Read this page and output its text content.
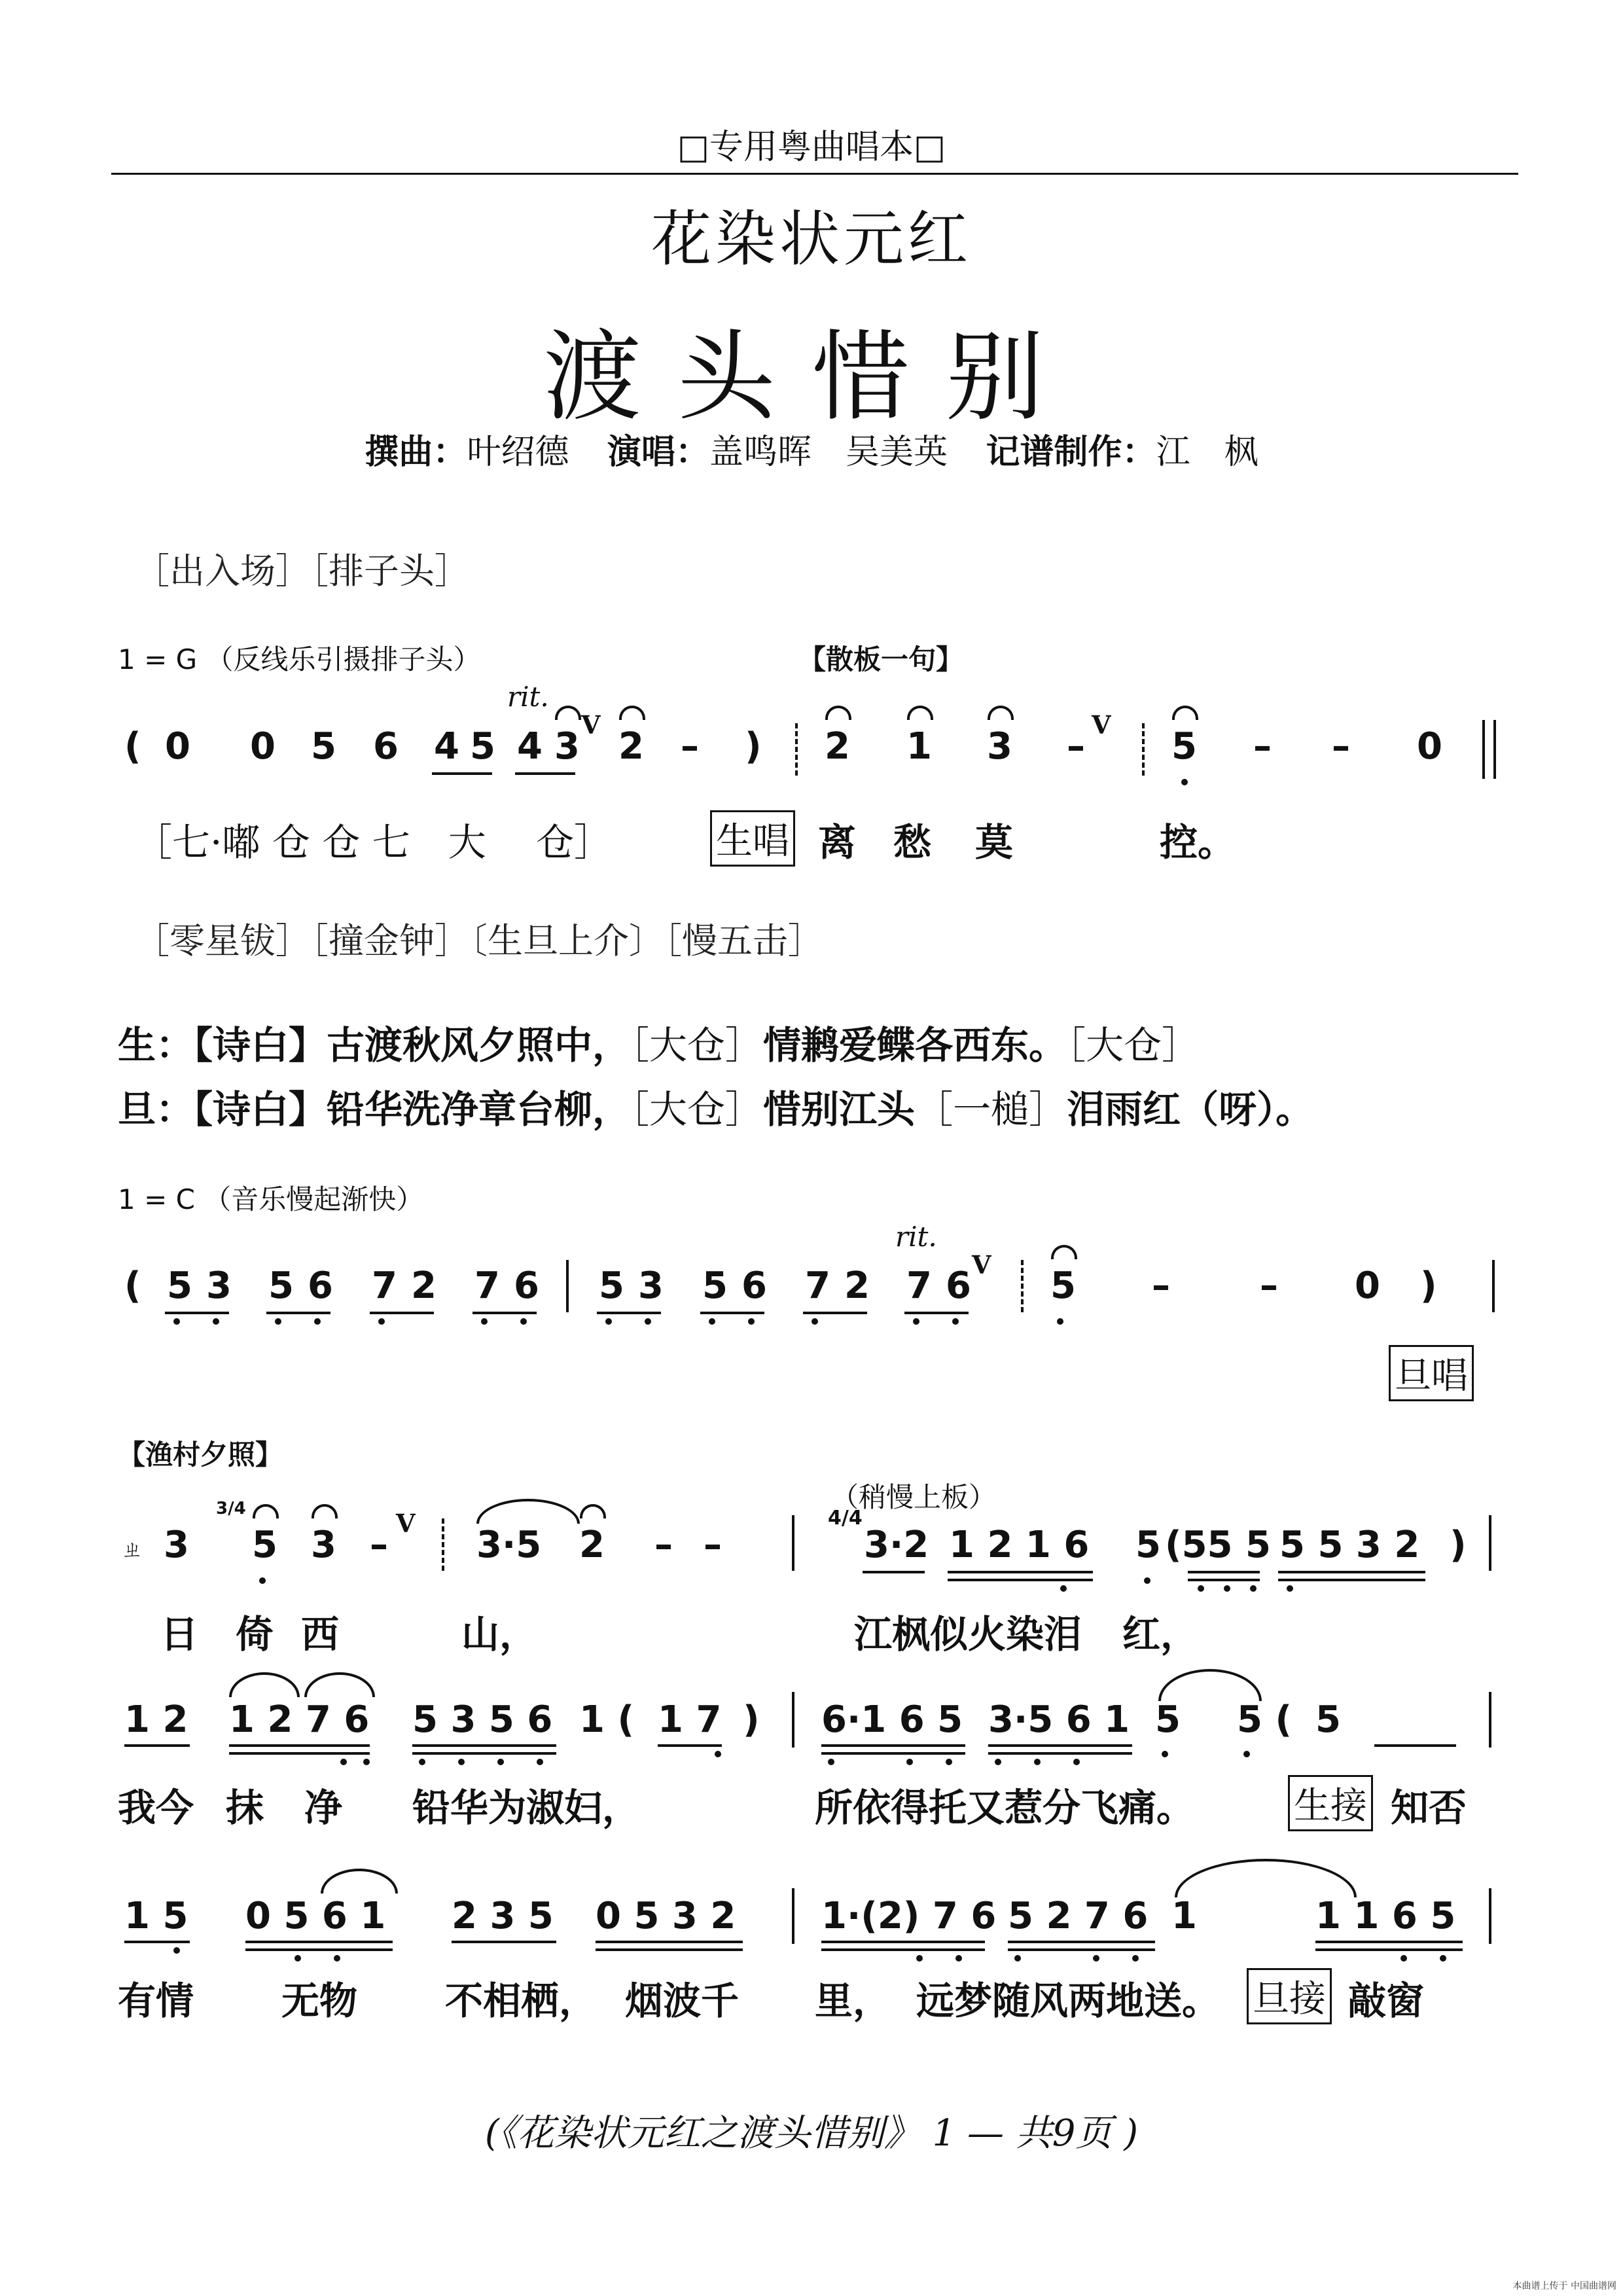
□专用粤曲唱本□
花染状元红
渡头惜别
撰曲：叶绍德 演唱：盖鸣晖　吴美英 记谱制作：江　枫
［出入场］［排子头］
1 = G （反线乐引摄排子头）	【散板一句】
rit.
( 0 0 5 6 4 5 4 3 2 – ) 2 1 3 – 5 – – 0
V	V
［七·嘟 仓 仓 七　大　 仓］	生唱 离 愁 莫	控。
［零星钹］［撞金钟］〔生旦上介〕［慢五击］
生：【诗白】古渡秋风夕照中，［大仓］情鹣爱鲽各西东。［大仓］
旦：【诗白】铅华洗净章台柳，［大仓］惜别江头［一槌］泪雨红（呀）。
1 = C （音乐慢起渐快）
rit.
( 5 3 5 6 7 2 7 6 5 3 5 6 7 2 7 6 5 – – 0 )
V
旦唱
【渔村夕照】
（稍慢上板）
ㄓ 3
3/4
5 3 – 3·5 2 – –
4/4
3·2 1 2 1 6 5 (55 5 5 5 3 2 )
V
日 倚 西	山，	江枫似火染泪 红，
1 2 1 2 7 6 5 3 5 6 1 ( 1 7 ) 6·1 6 5 3·5 6 1 5 5 ( 5
我今 抹 净 铅华为淑妇，	所依得托又惹分飞痛。	生接 知否
1 5 0 5 6 1 2 3 5 0 5 3 2 1·(2) 7 6 5 2 7 6 1	1 1 6 5
有情 无物 不相栖， 烟波千 里， 远梦随风两地送。 旦接 敲窗
(《花染状元红之渡头惜别》 1 — 共9页 )
本曲谱上传于 中国曲谱网
